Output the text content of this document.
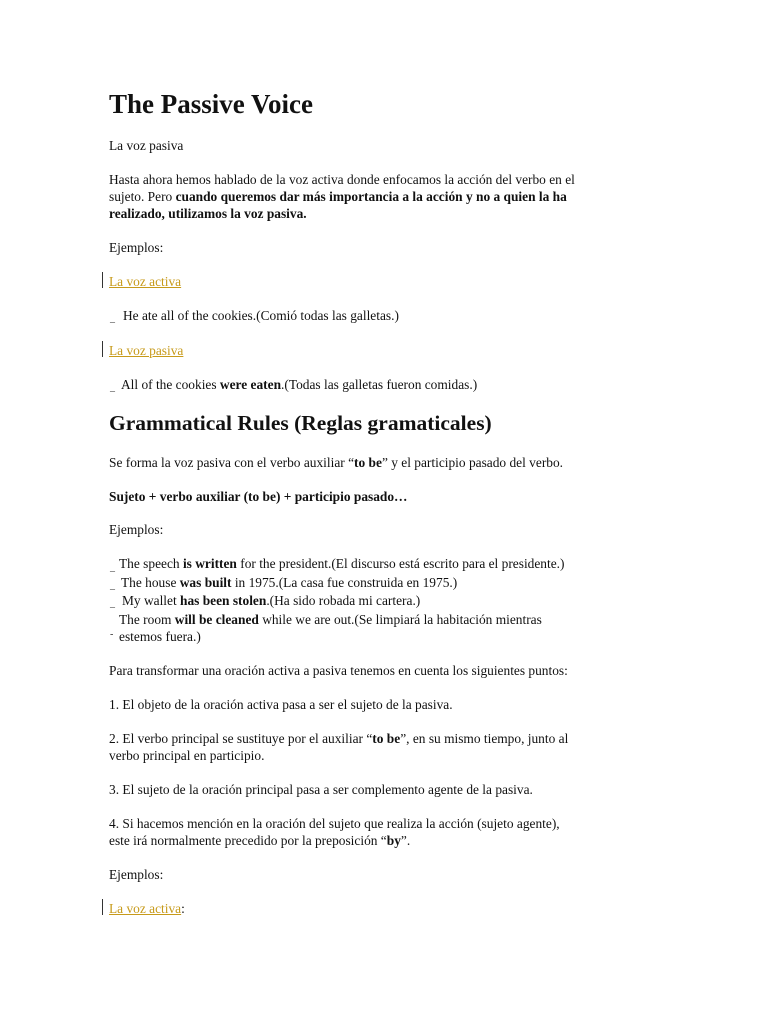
The Passive Voice
La voz pasiva
Hasta ahora hemos hablado de la voz activa donde enfocamos la acción del verbo en el
sujeto. Pero cuando queremos dar más importancia a la acción y no a quien la ha
realizado, utilizamos la voz pasiva.
Ejemplos:
La voz activa
_ He ate all of the cookies.(Comió todas las galletas.)
La voz pasiva
_ All of the cookies were eaten.(Todas las galletas fueron comidas.)
Grammatical Rules (Reglas gramaticales)
Se forma la voz pasiva con el verbo auxiliar “to be” y el participio pasado del verbo.
Sujeto + verbo auxiliar (to be) + participio pasado…
Ejemplos:
_ The speech is written for the president.(El discurso está escrito para el presidente.)
_ The house was built in 1975.(La casa fue construida en 1975.)
_ My wallet has been stolen.(Ha sido robada mi cartera.)
The room will be cleaned while we are out.(Se limpiará la habitación mientras
- estemos fuera.)
Para transformar una oración activa a pasiva tenemos en cuenta los siguientes puntos:
1. El objeto de la oración activa pasa a ser el sujeto de la pasiva.
2. El verbo principal se sustituye por el auxiliar “to be”, en su mismo tiempo, junto al
verbo principal en participio.
3. El sujeto de la oración principal pasa a ser complemento agente de la pasiva.
4. Si hacemos mención en la oración del sujeto que realiza la acción (sujeto agente),
este irá normalmente precedido por la preposición “by”.
Ejemplos:
La voz activa:
